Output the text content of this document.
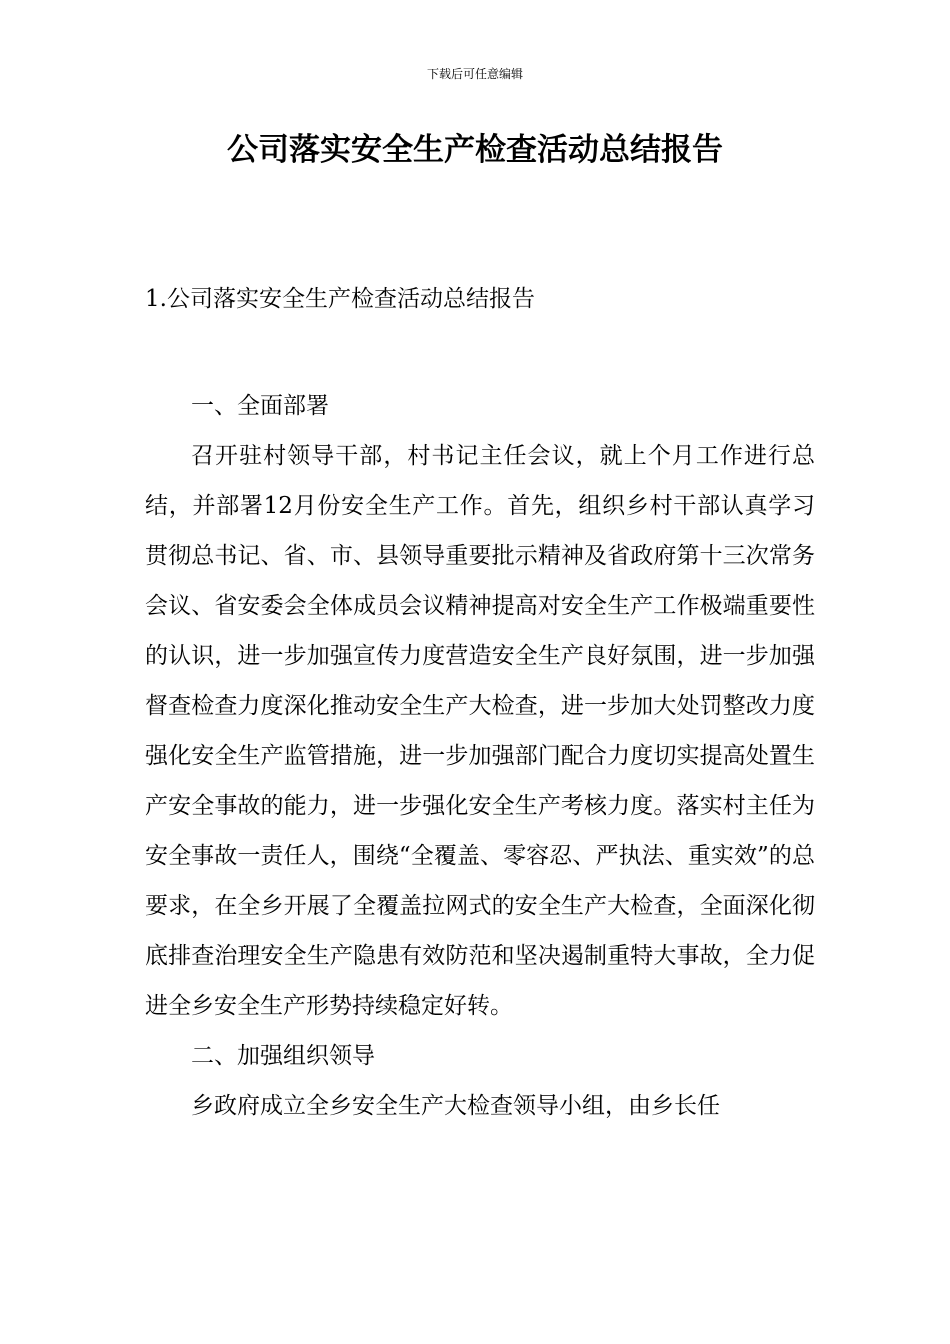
下载后可任意编辑
公司落实安全生产检查活动总结报告
1.公司落实安全生产检查活动总结报告

一、全面部署

召开驻村领导干部，村书记主任会议，就上个月工作进行总结，并部署12月份安全生产工作。首先，组织乡村干部认真学习贯彻总书记、省、市、县领导重要批示精神及省政府第十三次常务会议、省安委会全体成员会议精神提高对安全生产工作极端重要性的认识，进一步加强宣传力度营造安全生产良好氛围，进一步加强督查检查力度深化推动安全生产大检查，进一步加大处罚整改力度强化安全生产监管措施，进一步加强部门配合力度切实提高处置生产安全事故的能力，进一步强化安全生产考核力度。落实村主任为安全事故一责任人，围绕“全覆盖、零容忍、严执法、重实效”的总要求，在全乡开展了全覆盖拉网式的安全生产大检查，全面深化彻底排查治理安全生产隐患有效防范和坚决遏制重特大事故，全力促进全乡安全生产形势持续稳定好转。

二、加强组织领导

乡政府成立全乡安全生产大检查领导小组，由乡长任
